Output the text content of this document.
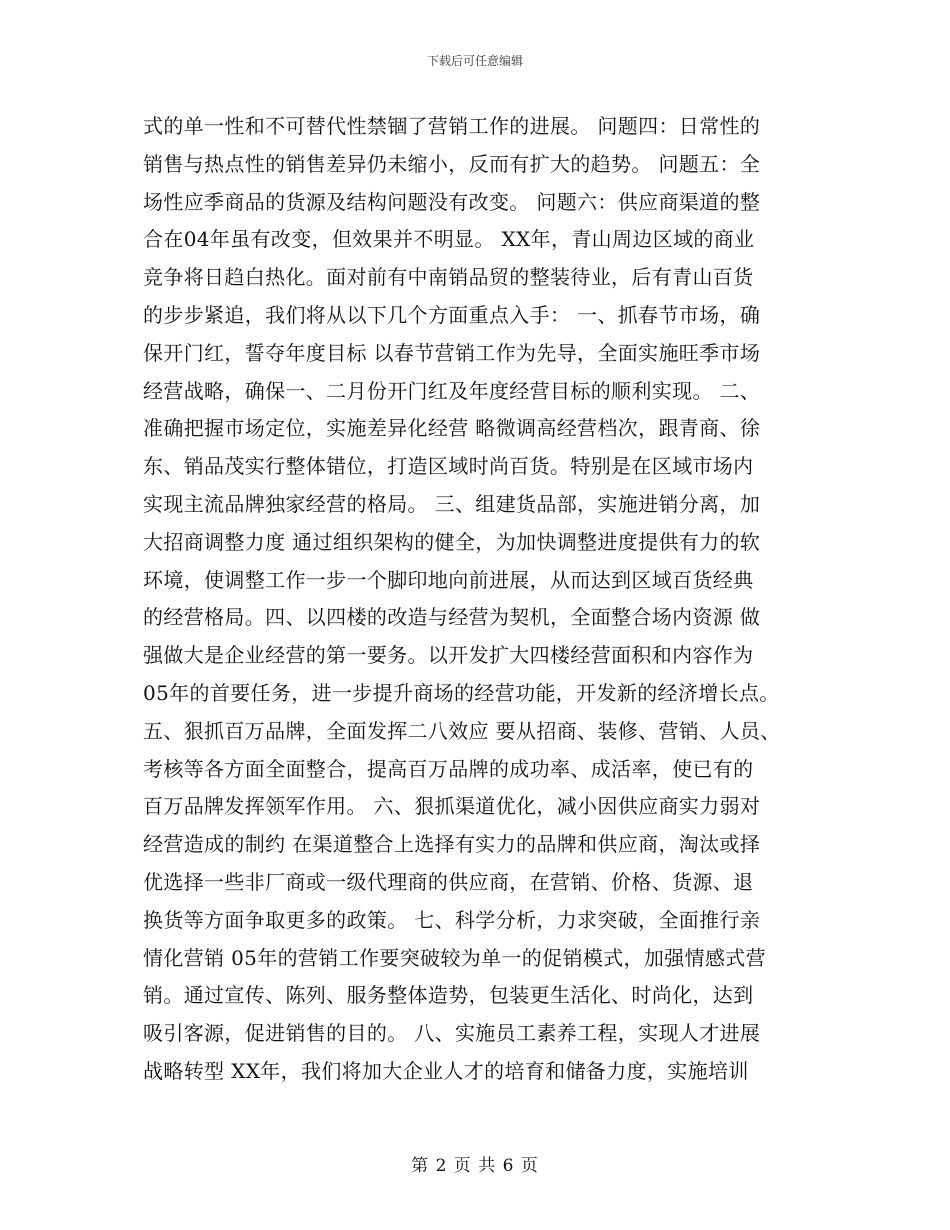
下载后可任意编辑
式的单一性和不可替代性禁锢了营销工作的进展。 问题四：日常性的
销售与热点性的销售差异仍未缩小，反而有扩大的趋势。 问题五：全
场性应季商品的货源及结构问题没有改变。 问题六：供应商渠道的整
合在04年虽有改变，但效果并不明显。 XX年，青山周边区域的商业
竞争将日趋白热化。面对前有中南销品贸的整装待业，后有青山百货
的步步紧追，我们将从以下几个方面重点入手： 一、抓春节市场，确
保开门红，誓夺年度目标 以春节营销工作为先导，全面实施旺季市场
经营战略，确保一、二月份开门红及年度经营目标的顺利实现。 二、
准确把握市场定位，实施差异化经营 略微调高经营档次，跟青商、徐
东、销品茂实行整体错位，打造区域时尚百货。特别是在区域市场内
实现主流品牌独家经营的格局。 三、组建货品部，实施进销分离，加
大招商调整力度 通过组织架构的健全，为加快调整进度提供有力的软
环境，使调整工作一步一个脚印地向前进展，从而达到区域百货经典
的经营格局。四、以四楼的改造与经营为契机，全面整合场内资源 做
强做大是企业经营的第一要务。以开发扩大四楼经营面积和内容作为
05年的首要任务，进一步提升商场的经营功能，开发新的经济增长点。
五、狠抓百万品牌，全面发挥二八效应 要从招商、装修、营销、人员、
考核等各方面全面整合，提高百万品牌的成功率、成活率，使已有的
百万品牌发挥领军作用。 六、狠抓渠道优化，减小因供应商实力弱对
经营造成的制约 在渠道整合上选择有实力的品牌和供应商，淘汰或择
优选择一些非厂商或一级代理商的供应商，在营销、价格、货源、退
换货等方面争取更多的政策。 七、科学分析，力求突破，全面推行亲
情化营销 05年的营销工作要突破较为单一的促销模式，加强情感式营
销。通过宣传、陈列、服务整体造势，包装更生活化、时尚化，达到
吸引客源，促进销售的目的。 八、实施员工素养工程，实现人才进展
战略转型 XX年，我们将加大企业人才的培育和储备力度，实施培训
第 2 页 共 6 页
